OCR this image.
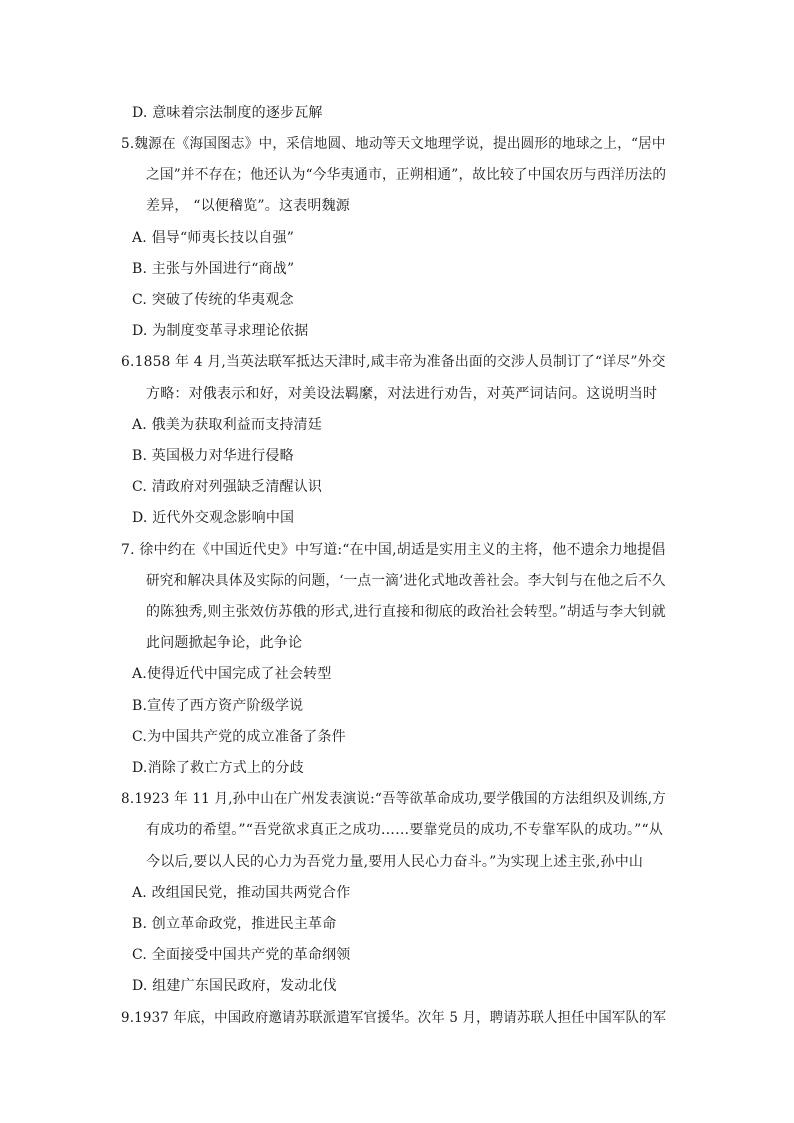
D. 意味着宗法制度的逐步瓦解
5.魏源在《海国图志》中，采信地圆、地动等天文地理学说，提出圆形的地球之上，“居中
之国”并不存在；他还认为“今华夷通市，正朔相通”，故比较了中国农历与西洋历法的
差异， “以便稽览”。这表明魏源
A. 倡导“师夷长技以自强”
B. 主张与外国进行“商战”
C. 突破了传统的华夷观念
D. 为制度变革寻求理论依据
6.1858 年 4 月,当英法联军抵达天津时,咸丰帝为准备出面的交涉人员制订了“详尽”外交
方略：对俄表示和好，对美设法羁縻，对法进行劝告，对英严词诘问。这说明当时
A. 俄美为获取利益而支持清廷
B. 英国极力对华进行侵略
C. 清政府对列强缺乏清醒认识
D. 近代外交观念影响中国
7. 徐中约在《中国近代史》中写道:“在中国,胡适是实用主义的主将，他不遗余力地提倡
研究和解决具体及实际的问题，‘一点一滴’进化式地改善社会。李大钊与在他之后不久
的陈独秀,则主张效仿苏俄的形式,进行直接和彻底的政治社会转型。”胡适与李大钊就
此问题掀起争论，此争论
A.使得近代中国完成了社会转型
B.宣传了西方资产阶级学说
C.为中国共产党的成立准备了条件
D.消除了救亡方式上的分歧
8.1923 年 11 月,孙中山在广州发表演说:“吾等欲革命成功,要学俄国的方法组织及训练,方
有成功的希望。”“吾党欲求真正之成功……要靠党员的成功,不专靠军队的成功。”“从
今以后,要以人民的心力为吾党力量,要用人民心力奋斗。”为实现上述主张,孙中山
A. 改组国民党，推动国共两党合作
B. 创立革命政党，推进民主革命
C. 全面接受中国共产党的革命纲领
D. 组建广东国民政府，发动北伐
9.1937 年底，中国政府邀请苏联派遣军官援华。次年 5 月，聘请苏联人担任中国军队的军
